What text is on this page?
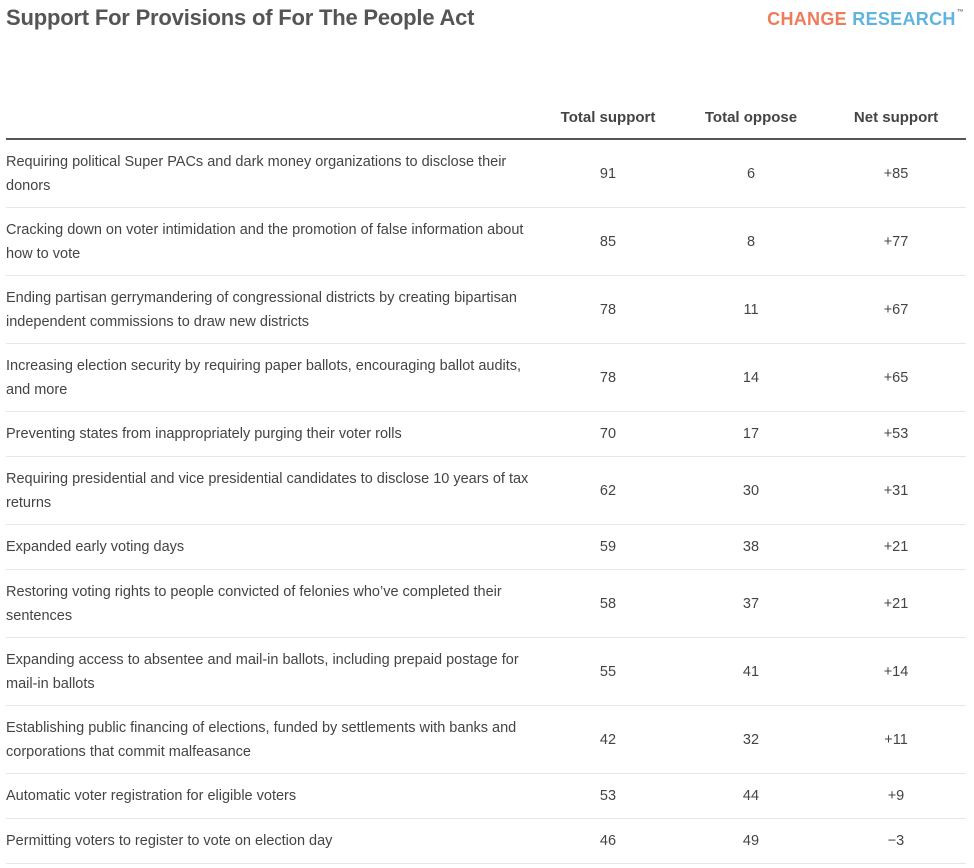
Support For Provisions of For The People Act	CHANGE RESEARCH™
	Total support	Total oppose	Net support
Requiring political Super PACs and dark money organizations to disclose their donors	91	6	+85
Cracking down on voter intimidation and the promotion of false information about how to vote	85	8	+77
Ending partisan gerrymandering of congressional districts by creating bipartisan independent commissions to draw new districts	78	11	+67
Increasing election security by requiring paper ballots, encouraging ballot audits, and more	78	14	+65
Preventing states from inappropriately purging their voter rolls	70	17	+53
Requiring presidential and vice presidential candidates to disclose 10 years of tax returns	62	30	+31
Expanded early voting days	59	38	+21
Restoring voting rights to people convicted of felonies who’ve completed their sentences	58	37	+21
Expanding access to absentee and mail-in ballots, including prepaid postage for mail-in ballots	55	41	+14
Establishing public financing of elections, funded by settlements with banks and corporations that commit malfeasance	42	32	+11
Automatic voter registration for eligible voters	53	44	+9
Permitting voters to register to vote on election day	46	49	−3
